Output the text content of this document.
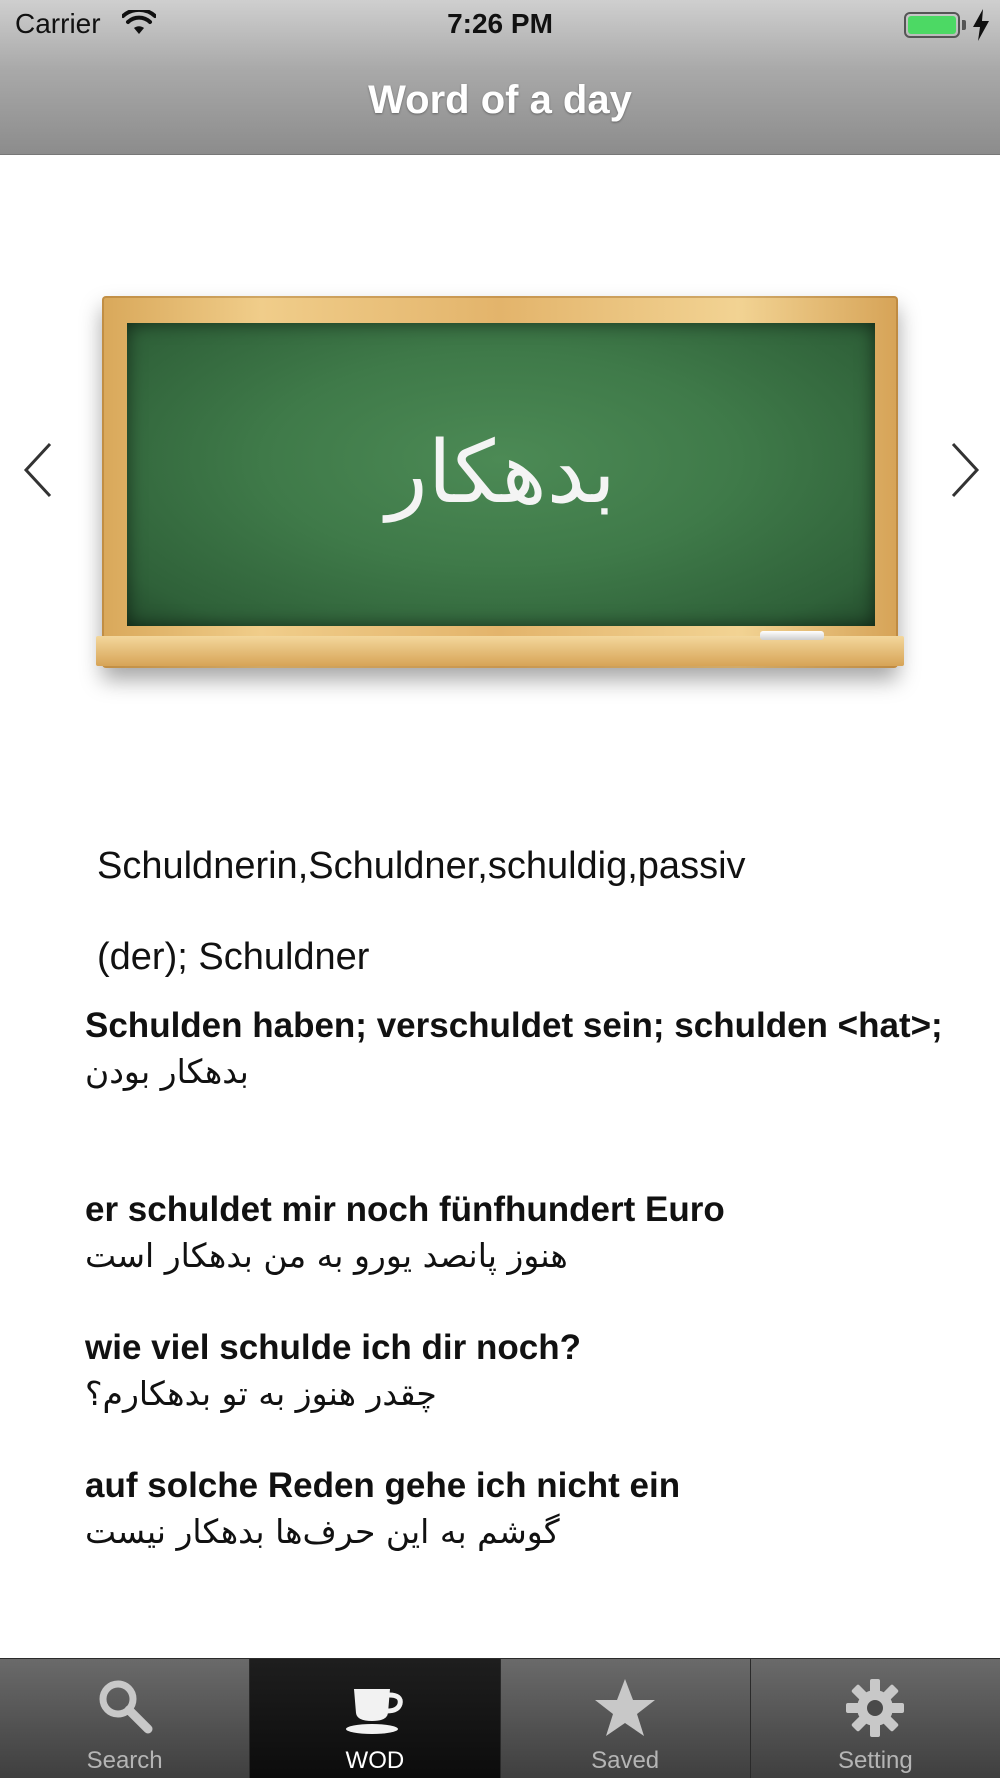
Carrier	7:26 PM
Word of a day
بدهکار
Schuldnerin,Schuldner,schuldig,passiv
(der); Schuldner
Schulden haben; verschuldet sein; schulden <hat>;
بدهکار بودن
er schuldet mir noch fünfhundert Euro
هنوز پانصد یورو به من بدهکار است
wie viel schulde ich dir noch?
چقدر هنوز به تو بدهکارم؟
auf solche Reden gehe ich nicht ein
گوشم به این حرف‌ها بدهکار نیست
Search	WOD	Saved	Setting
